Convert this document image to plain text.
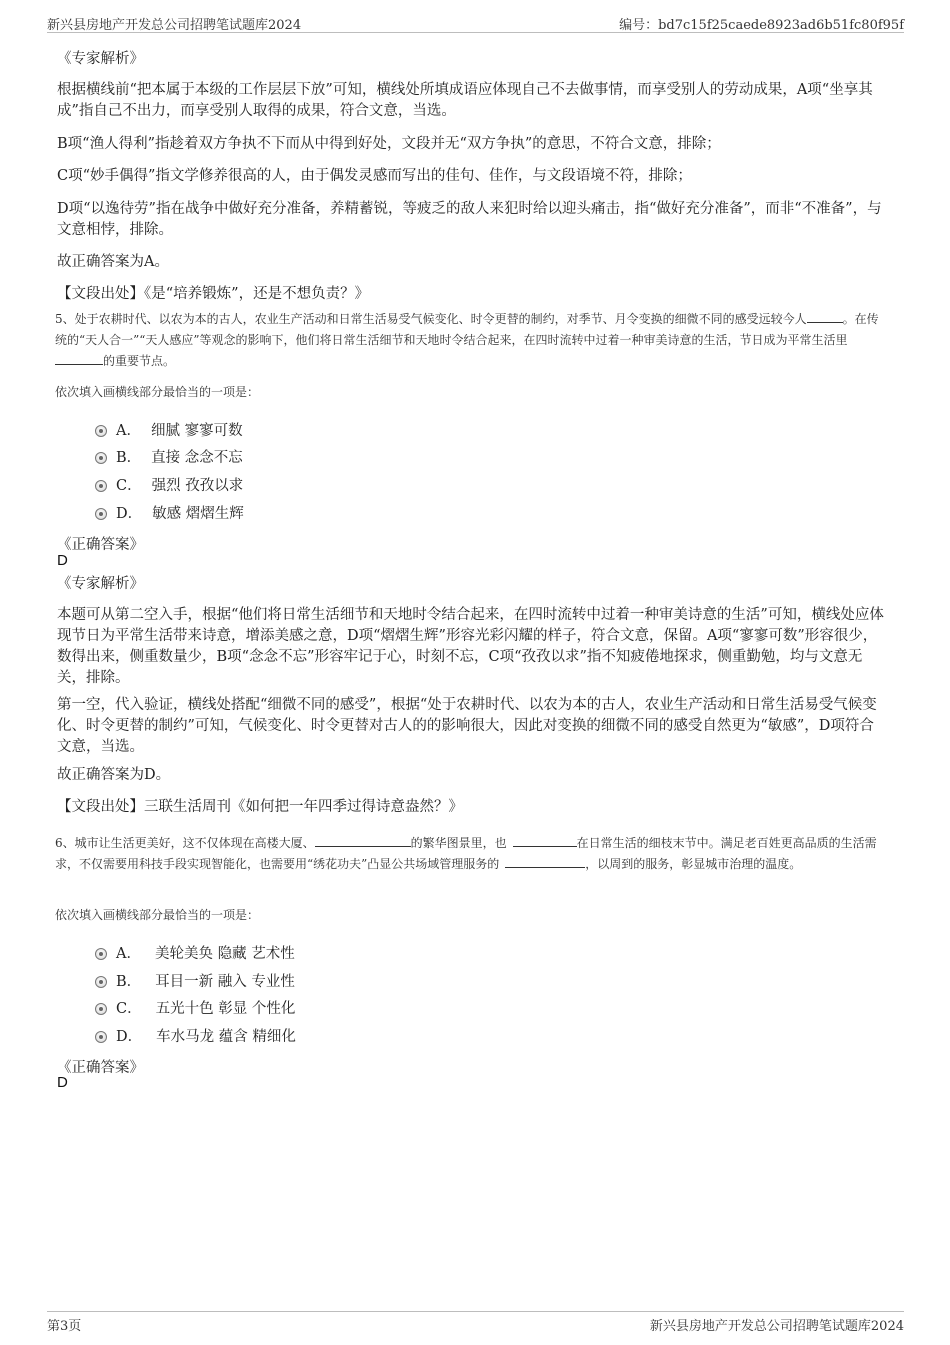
新兴县房地产开发总公司招聘笔试题库2024	编号：bd7c15f25caede8923ad6b51fc80f95f
《专家解析》
根据横线前“把本属于本级的工作层层下放”可知，横线处所填成语应体现自己不去做事情，而享受别人的劳动成果，A项“坐享其成”指自己不出力，而享受别人取得的成果，符合文意，当选。
B项“渔人得利”指趁着双方争执不下而从中得到好处，文段并无“双方争执”的意思，不符合文意，排除；
C项“妙手偶得”指文学修养很高的人，由于偶发灵感而写出的佳句、佳作，与文段语境不符，排除；
D项“以逸待劳”指在战争中做好充分准备，养精蓄锐，等疲乏的敌人来犯时给以迎头痛击，指“做好充分准备”，而非“不准备”，与文意相悖，排除。
故正确答案为A。
【文段出处】《是“培养锻炼”，还是不想负责？》
5、处于农耕时代、以农为本的古人，农业生产活动和日常生活易受气候变化、时令更替的制约，对季节、月令变换的细微不同的感受远较今人	。在传统的“天人合一”“天人感应”等观念的影响下，他们将日常生活细节和天地时令结合起来，在四时流转中过着一种审美诗意的生活，节日成为平常生活里的重要节点。
依次填入画横线部分最恰当的一项是：
A． 细腻 寥寥可数
B． 直接 念念不忘
C． 强烈 孜孜以求
D． 敏感 熠熠生辉
《正确答案》
D
《专家解析》
本题可从第二空入手，根据“他们将日常生活细节和天地时令结合起来，在四时流转中过着一种审美诗意的生活”可知，横线处应体现节日为平常生活带来诗意，增添美感之意，D项“熠熠生辉”形容光彩闪耀的样子，符合文意，保留。A项“寥寥可数”形容很少，数得出来，侧重数量少，B项“念念不忘”形容牢记于心，时刻不忘，C项“孜孜以求”指不知疲倦地探求，侧重勤勉，均与文意无关，排除。
第一空，代入验证，横线处搭配“细微不同的感受”，根据“处于农耕时代、以农为本的古人，农业生产活动和日常生活易受气候变化、时令更替的制约”可知，气候变化、时令更替对古人的的影响很大，因此对变换的细微不同的感受自然更为“敏感”，D项符合文意，当选。
故正确答案为D。
【文段出处】三联生活周刊《如何把一年四季过得诗意盎然？》
6、城市让生活更美好，这不仅体现在高楼大厦、	的繁华图景里，也	在日常生活的细枝末节中。满足老百姓更高品质的生活需求，不仅需要用科技手段实现智能化，也需要用“绣花功夫”凸显公共场域管理服务的	，以周到的服务，彰显城市治理的温度。
依次填入画横线部分最恰当的一项是：
A． 美轮美奂 隐藏 艺术性
B． 耳目一新 融入 专业性
C． 五光十色 彰显 个性化
D． 车水马龙 蕴含 精细化
《正确答案》
D
第3页	新兴县房地产开发总公司招聘笔试题库2024
